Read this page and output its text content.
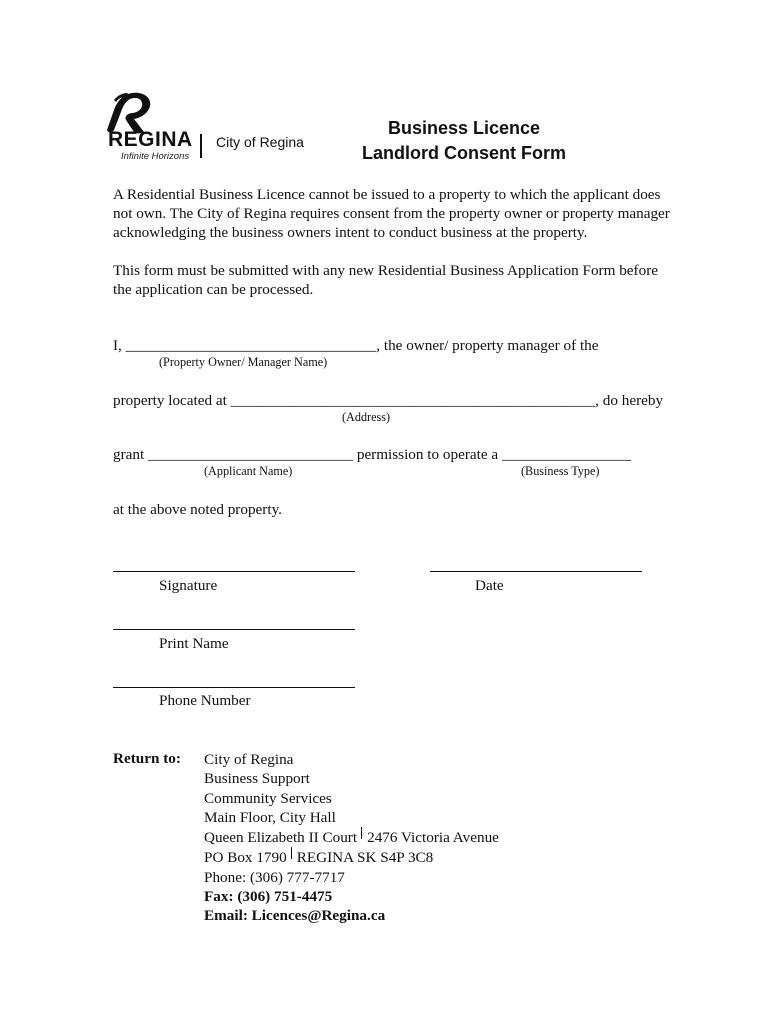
REGINA
Infinite Horizons
City of Regina
Business Licence
Landlord Consent Form
A Residential Business Licence cannot be issued to a property to which the applicant does not own. The City of Regina requires consent from the property owner or property manager acknowledging the business owners intent to conduct business at the property.
This form must be submitted with any new Residential Business Application Form before the application can be processed.
I, _________________________________, the owner/ property manager of the
(Property Owner/ Manager Name)
property located at ________________________________________________, do hereby
(Address)
grant ___________________________ permission to operate a _________________
(Applicant Name)	(Business Type)
at the above noted property.
Signature	Date
Print Name
Phone Number
Return to: City of Regina
Business Support
Community Services
Main Floor, City Hall
Queen Elizabeth II Court 2476 Victoria Avenue
PO Box 1790 REGINA SK S4P 3C8
Phone: (306) 777-7717
Fax: (306) 751-4475
Email: Licences@Regina.ca
